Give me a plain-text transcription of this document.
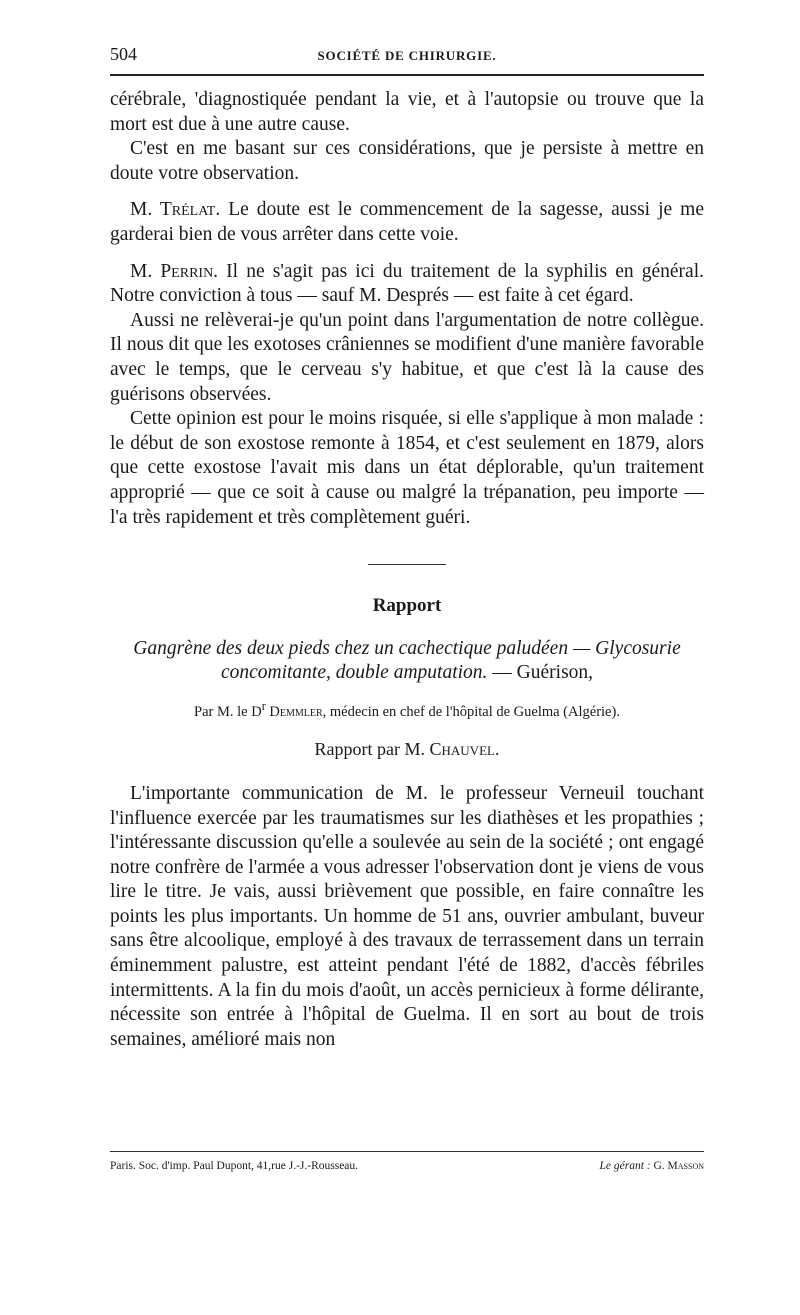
504	SOCIÉTÉ DE CHIRURGIE.

cérébrale, 'diagnostiquée pendant la vie, et à l'autopsie ou trouve que la mort est due à une autre cause.

C'est en me basant sur ces considérations, que je persiste à mettre en doute votre observation.

M. Trélat. Le doute est le commencement de la sagesse, aussi je me garderai bien de vous arrêter dans cette voie.

M. Perrin. Il ne s'agit pas ici du traitement de la syphilis en général. Notre conviction à tous — sauf M. Després — est faite à cet égard.

Aussi ne relèverai-je qu'un point dans l'argumentation de notre collègue. Il nous dit que les exotoses crâniennes se modifient d'une manière favorable avec le temps, que le cerveau s'y habitue, et que c'est là la cause des guérisons observées.

Cette opinion est pour le moins risquée, si elle s'applique à mon malade : le début de son exostose remonte à 1854, et c'est seulement en 1879, alors que cette exostose l'avait mis dans un état déplorable, qu'un traitement approprié — que ce soit à cause ou malgré la trépanation, peu importe — l'a très rapidement et très complètement guéri.

Rapport
Gangrène des deux pieds chez un cachectique paludéen — Glycosurie concomitante, double amputation. — Guérison,
Par M. le $D^r$ Demmler, médecin en chef de l'hôpital de Guelma (Algérie).
Rapport par M. Chauvel.

L'importante communication de M. le professeur Verneuil touchant l'influence exercée par les traumatismes sur les diathèses et les propathies ; l'intéressante discussion qu'elle a soulevée au sein de la société ; ont engagé notre confrère de l'armée a vous adresser l'observation dont je viens de vous lire le titre. Je vais, aussi brièvement que possible, en faire connaître les points les plus importants. Un homme de 51 ans, ouvrier ambulant, buveur sans être alcoolique, employé à des travaux de terrassement dans un terrain éminemment palustre, est atteint pendant l'été de 1882, d'accès fébriles intermittents. A la fin du mois d'août, un accès pernicieux à forme délirante, nécessite son entrée à l'hôpital de Guelma. Il en sort au bout de trois semaines, amélioré mais non

Paris. Soc. d'imp. Paul Dupont, 41,rue J.-J.-Rousseau.	Le gérant : G. Masson
